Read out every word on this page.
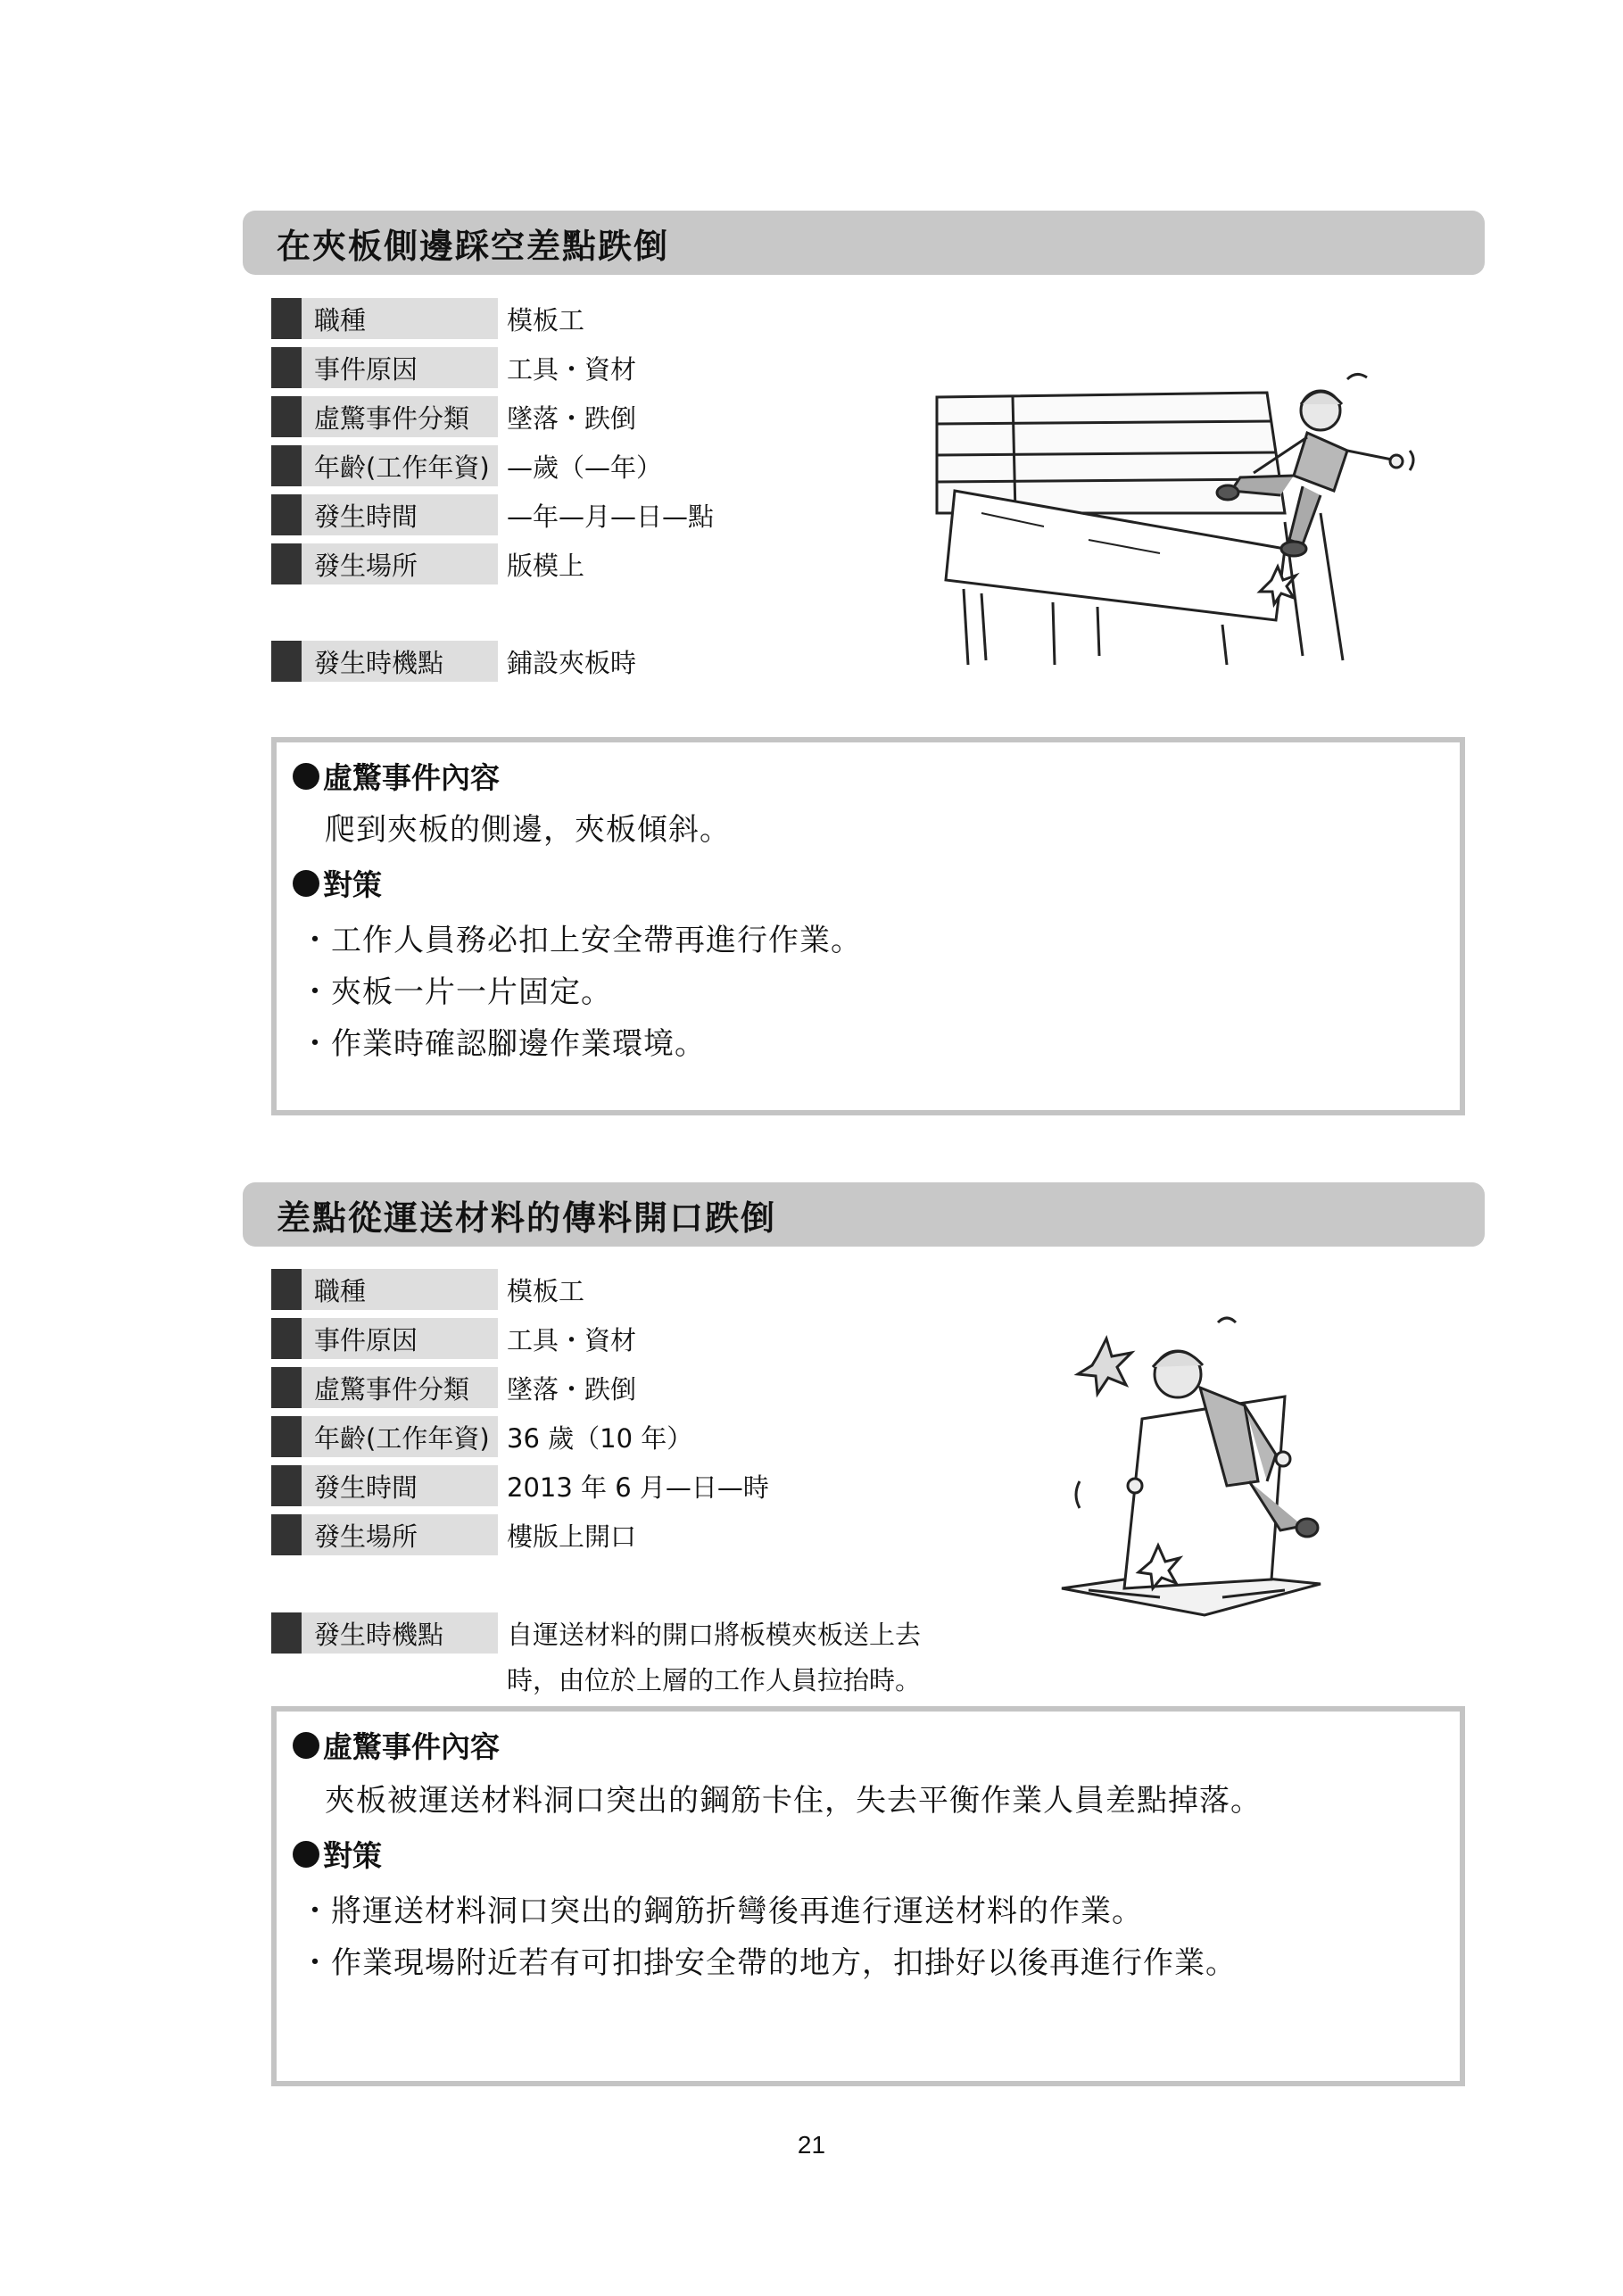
在夾板側邊踩空差點跌倒
職種	模板工
事件原因	工具・資材
虛驚事件分類	墜落・跌倒
年齡(工作年資) —歲（—年）
發生時間	—年—月—日—點
發生場所	版模上
發生時機點	鋪設夾板時
虛驚事件內容
爬到夾板的側邊，夾板傾斜。
對策
・工作人員務必扣上安全帶再進行作業。
・夾板一片一片固定。
・作業時確認腳邊作業環境。
差點從運送材料的傳料開口跌倒
職種	模板工
事件原因	工具・資材
虛驚事件分類	墜落・跌倒
年齡(工作年資) 36 歲（10 年）
發生時間	2013 年 6 月—日—時
發生場所	樓版上開口
發生時機點	自運送材料的開口將板模夾板送上去
時，由位於上層的工作人員拉抬時。
虛驚事件內容
夾板被運送材料洞口突出的鋼筋卡住，失去平衡作業人員差點掉落。
對策
・將運送材料洞口突出的鋼筋折彎後再進行運送材料的作業。
・作業現場附近若有可扣掛安全帶的地方，扣掛好以後再進行作業。
21
